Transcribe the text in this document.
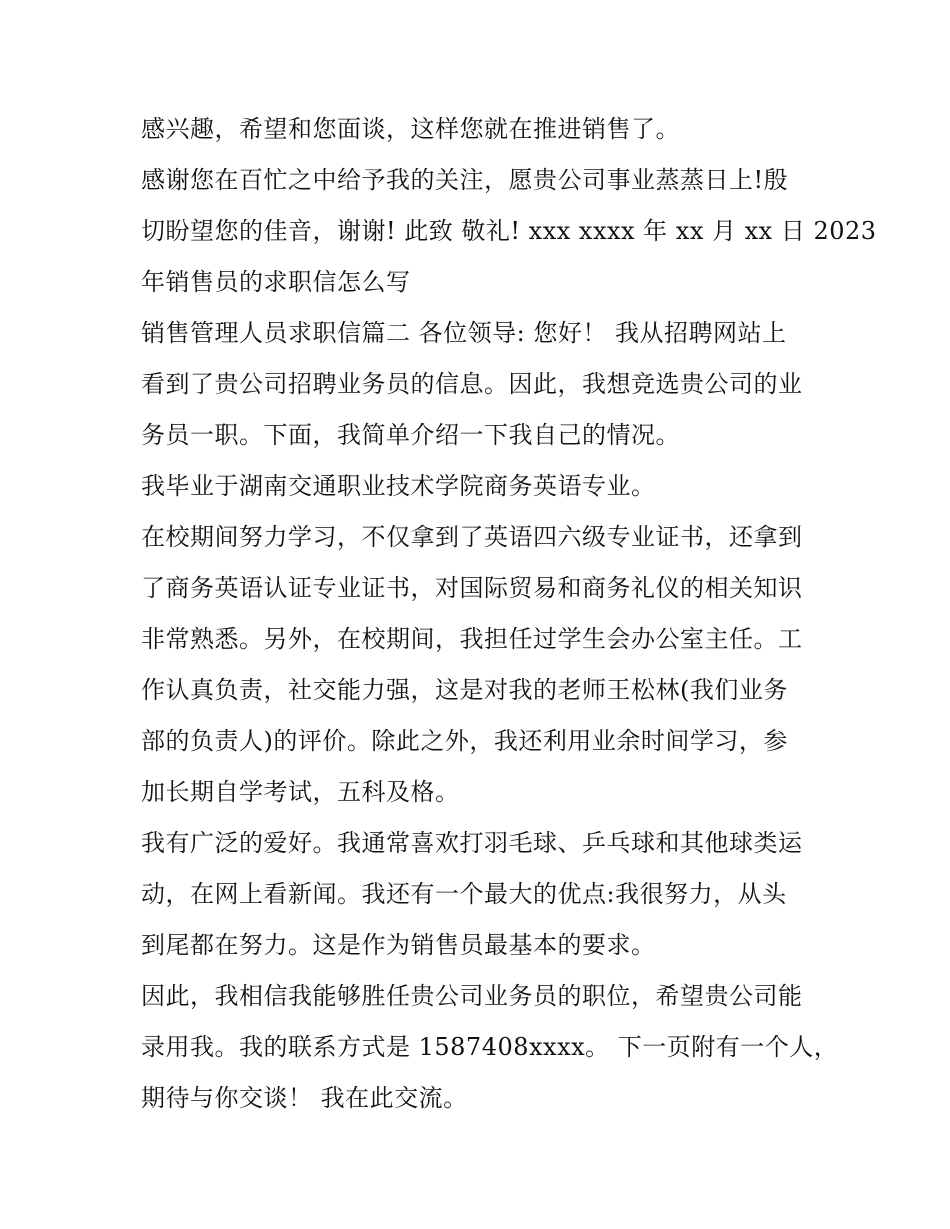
感兴趣，希望和您面谈，这样您就在推进销售了。
感谢您在百忙之中给予我的关注，愿贵公司事业蒸蒸日上!殷
切盼望您的佳音，谢谢! 此致 敬礼! xxx xxxx 年 xx 月 xx 日 2023
年销售员的求职信怎么写
销售管理人员求职信篇二 各位领导: 您好！ 我从招聘网站上
看到了贵公司招聘业务员的信息。因此，我想竞选贵公司的业
务员一职。下面，我简单介绍一下我自己的情况。
我毕业于湖南交通职业技术学院商务英语专业。
在校期间努力学习，不仅拿到了英语四六级专业证书，还拿到
了商务英语认证专业证书，对国际贸易和商务礼仪的相关知识
非常熟悉。另外，在校期间，我担任过学生会办公室主任。工
作认真负责，社交能力强，这是对我的老师王松林(我们业务
部的负责人)的评价。除此之外，我还利用业余时间学习，参
加长期自学考试，五科及格。
我有广泛的爱好。我通常喜欢打羽毛球、乒乓球和其他球类运
动，在网上看新闻。我还有一个最大的优点:我很努力，从头
到尾都在努力。这是作为销售员最基本的要求。
因此，我相信我能够胜任贵公司业务员的职位，希望贵公司能
录用我。我的联系方式是 1587408xxxx。 下一页附有一个人，
期待与你交谈！ 我在此交流。
